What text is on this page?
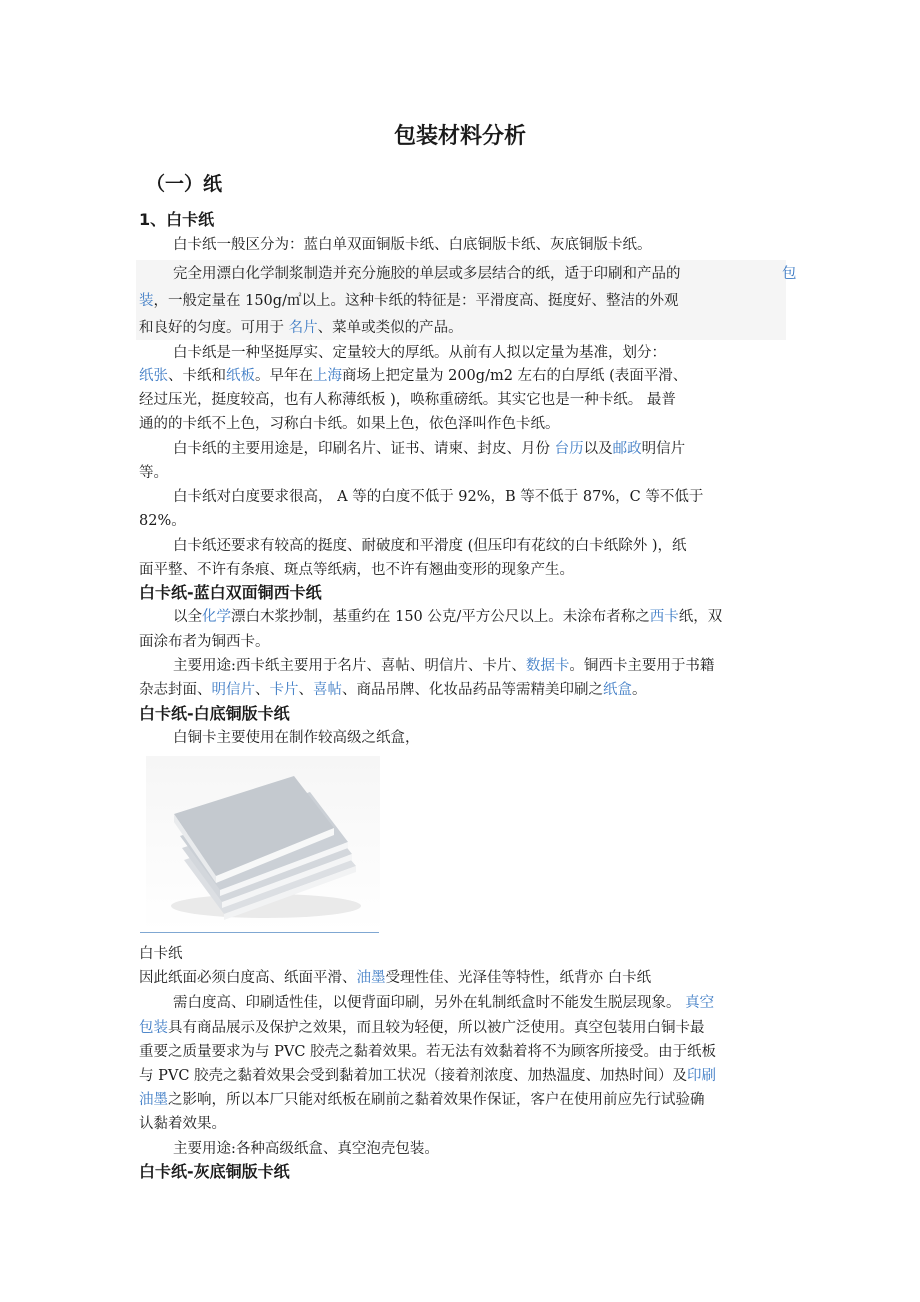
包装材料分析
（一）纸
1、白卡纸
白卡纸一般区分为：蓝白单双面铜版卡纸、白底铜版卡纸、灰底铜版卡纸。
完全用漂白化学制浆制造并充分施胶的单层或多层结合的纸，适于印刷和产品的	包
装，一般定量在 150g/㎡以上。这种卡纸的特征是：平滑度高、挺度好、整洁的外观
和良好的匀度。可用于 名片、菜单或类似的产品。
白卡纸是一种坚挺厚实、定量较大的厚纸。从前有人拟以定量为基准，划分：
纸张、卡纸和纸板。早年在上海商场上把定量为 200g/m2 左右的白厚纸 (表面平滑、
经过压光，挺度较高，也有人称薄纸板 )，唤称重磅纸。其实它也是一种卡纸。 最普
通的的卡纸不上色，习称白卡纸。如果上色，依色泽叫作色卡纸。
白卡纸的主要用途是，印刷名片、证书、请柬、封皮、月份 台历以及邮政明信片
等。
白卡纸对白度要求很高， A 等的白度不低于 92%，B 等不低于 87%，C 等不低于
82%。
白卡纸还要求有较高的挺度、耐破度和平滑度 (但压印有花纹的白卡纸除外 )，纸
面平整、不许有条痕、斑点等纸病，也不许有翘曲变形的现象产生。
白卡纸-蓝白双面铜西卡纸
以全化学漂白木浆抄制，基重约在 150 公克/平方公尺以上。未涂布者称之西卡纸，双
面涂布者为铜西卡。
主要用途:西卡纸主要用于名片、喜帖、明信片、卡片、数据卡。铜西卡主要用于书籍
杂志封面、明信片、卡片、喜帖、商品吊牌、化妆品药品等需精美印刷之纸盒。
白卡纸-白底铜版卡纸
白铜卡主要使用在制作较高级之纸盒，
白卡纸
因此纸面必须白度高、纸面平滑、油墨受理性佳、光泽佳等特性，纸背亦 白卡纸
需白度高、印刷适性佳，以便背面印刷，另外在轧制纸盒时不能发生脱层现象。 真空
包装具有商品展示及保护之效果，而且较为轻便，所以被广泛使用。真空包装用白铜卡最
重要之质量要求为与 PVC 胶壳之黏着效果。若无法有效黏着将不为顾客所接受。由于纸板
与 PVC 胶壳之黏着效果会受到黏着加工状况（接着剂浓度、加热温度、加热时间）及印刷
油墨之影响，所以本厂只能对纸板在刷前之黏着效果作保证，客户在使用前应先行试验确
认黏着效果。
主要用途:各种高级纸盒、真空泡壳包装。
白卡纸-灰底铜版卡纸
